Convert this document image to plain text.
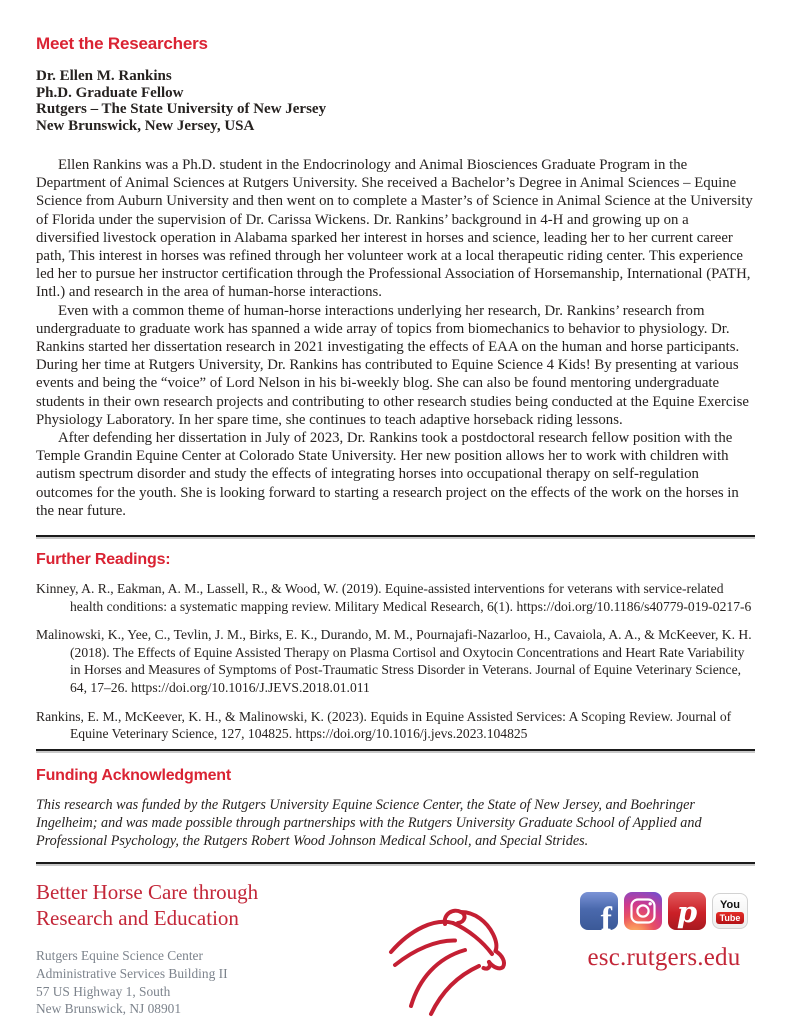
Meet the Researchers
Dr. Ellen M. Rankins
Ph.D. Graduate Fellow
Rutgers – The State University of New Jersey
New Brunswick, New Jersey, USA

Ellen Rankins was a Ph.D. student in the Endocrinology and Animal Biosciences Graduate Program in the Department of Animal Sciences at Rutgers University. She received a Bachelor’s Degree in Animal Sciences – Equine Science from Auburn University and then went on to complete a Master’s of Science in Animal Science at the University of Florida under the supervision of Dr. Carissa Wickens. Dr. Rankins’ background in 4-H and growing up on a diversified livestock operation in Alabama sparked her interest in horses and science, leading her to her current career path, This interest in horses was refined through her volunteer work at a local therapeutic riding center. This experience led her to pursue her instructor certification through the Professional Association of Horsemanship, International (PATH, Intl.) and research in the area of human-horse interactions.

Even with a common theme of human-horse interactions underlying her research, Dr. Rankins’ research from undergraduate to graduate work has spanned a wide array of topics from biomechanics to behavior to physiology. Dr. Rankins started her dissertation research in 2021 investigating the effects of EAA on the human and horse participants. During her time at Rutgers University, Dr. Rankins has contributed to Equine Science 4 Kids! By presenting at various events and being the “voice” of Lord Nelson in his bi-weekly blog. She can also be found mentoring undergraduate students in their own research projects and contributing to other research studies being conducted at the Equine Exercise Physiology Laboratory. In her spare time, she continues to teach adaptive horseback riding lessons.

After defending her dissertation in July of 2023, Dr. Rankins took a postdoctoral research fellow position with the Temple Grandin Equine Center at Colorado State University. Her new position allows her to work with children with autism spectrum disorder and study the effects of integrating horses into occupational therapy on self-regulation outcomes for the youth. She is looking forward to starting a research project on the effects of the work on the horses in the near future.

Further Readings:

Kinney, A. R., Eakman, A. M., Lassell, R., & Wood, W. (2019). Equine-assisted interventions for veterans with service-related health conditions: a systematic mapping review. Military Medical Research, 6(1). https://doi.org/10.1186/s40779-019-0217-6

Malinowski, K., Yee, C., Tevlin, J. M., Birks, E. K., Durando, M. M., Pournajafi-Nazarloo, H., Cavaiola, A. A., & McKeever, K. H. (2018). The Effects of Equine Assisted Therapy on Plasma Cortisol and Oxytocin Concentrations and Heart Rate Variability in Horses and Measures of Symptoms of Post-Traumatic Stress Disorder in Veterans. Journal of Equine Veterinary Science, 64, 17–26. https://doi.org/10.1016/J.JEVS.2018.01.011

Rankins, E. M., McKeever, K. H., & Malinowski, K. (2023). Equids in Equine Assisted Services: A Scoping Review. Journal of Equine Veterinary Science, 127, 104825. https://doi.org/10.1016/j.jevs.2023.104825

Funding Acknowledgment

This research was funded by the Rutgers University Equine Science Center, the State of New Jersey, and Boehringer Ingelheim; and was made possible through partnerships with the Rutgers University Graduate School of Applied and Professional Psychology, the Rutgers Robert Wood Johnson Medical School, and Special Strides.

Better Horse Care through
Research and Education
Rutgers Equine Science Center
Administrative Services Building II
57 US Highway 1, South
New Brunswick, NJ 08901
f p You
Tube
esc.rutgers.edu
